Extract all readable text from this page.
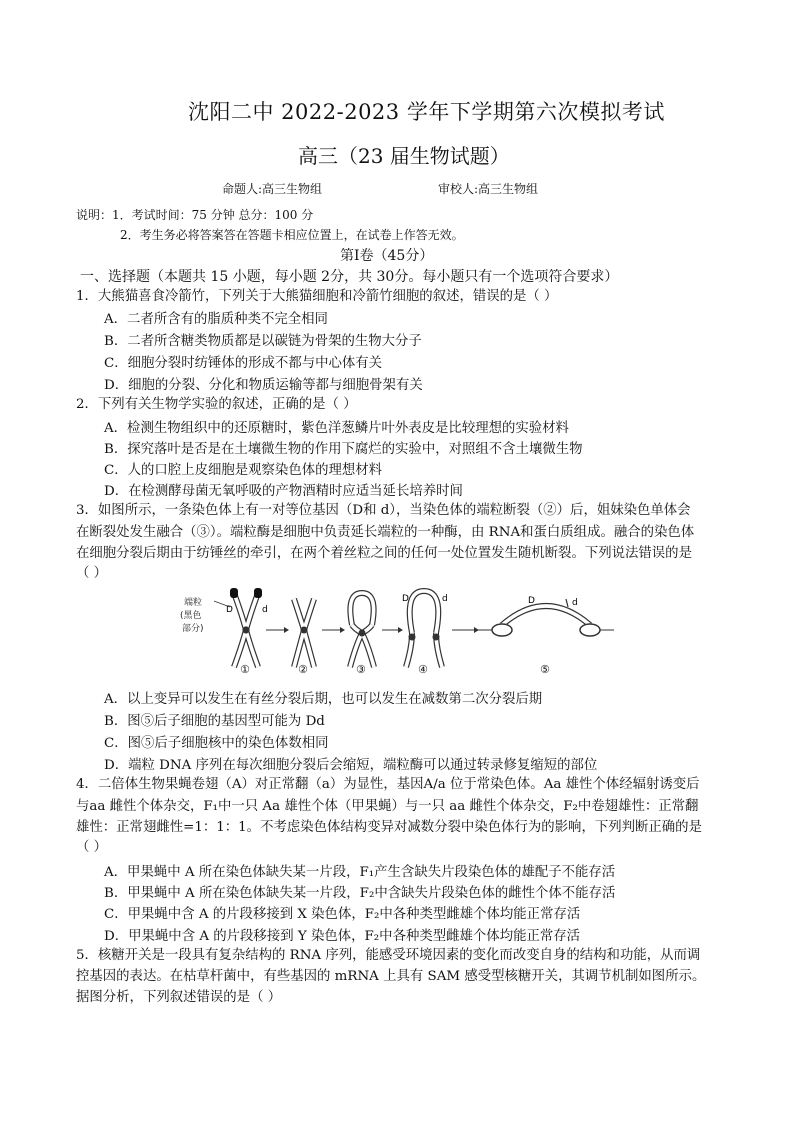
沈阳二中 2022-2023 学年下学期第六次模拟考试
高三（23 届生物试题）
命题人:高三生物组	审校人:高三生物组
说明：1．考试时间：75 分钟 总分：100 分
2．考生务必将答案答在答题卡相应位置上，在试卷上作答无效。
第Ⅰ卷（45分）
一、选择题（本题共 15 小题，每小题 2分，共 30分。每小题只有一个选项符合要求）
1．大熊猫喜食冷箭竹，下列关于大熊猫细胞和冷箭竹细胞的叙述，错误的是（ ）
A．二者所含有的脂质种类不完全相同
B．二者所含糖类物质都是以碳链为骨架的生物大分子
C．细胞分裂时纺锤体的形成不都与中心体有关
D．细胞的分裂、分化和物质运输等都与细胞骨架有关
2．下列有关生物学实验的叙述，正确的是（ ）
A．检测生物组织中的还原糖时，紫色洋葱鳞片叶外表皮是比较理想的实验材料
B．探究落叶是否是在土壤微生物的作用下腐烂的实验中，对照组不含土壤微生物
C．人的口腔上皮细胞是观察染色体的理想材料
D．在检测酵母菌无氧呼吸的产物酒精时应适当延长培养时间
3．如图所示，一条染色体上有一对等位基因（D和 d），当染色体的端粒断裂（②）后，姐妹染色单体会
在断裂处发生融合（③）。端粒酶是细胞中负责延长端粒的一种酶，由 RNA和蛋白质组成。融合的染色体
在细胞分裂后期由于纺锤丝的牵引，在两个着丝粒之间的任何一处位置发生随机断裂。下列说法错误的是
（ ）
端粒
(黑色
部分)
D	d
D	d	D	d
①	②	③	④	⑤
A．以上变异可以发生在有丝分裂后期，也可以发生在减数第二次分裂后期
B．图⑤后子细胞的基因型可能为 Dd
C．图⑤后子细胞核中的染色体数相同
D．端粒 DNA 序列在每次细胞分裂后会缩短，端粒酶可以通过转录修复缩短的部位
4．二倍体生物果蝇卷翅（A）对正常翻（a）为显性，基因A/a 位于常染色体。Aa 雄性个体经辐射诱变后
与aa 雌性个体杂交，F₁中一只 Aa 雄性个体（甲果蝇）与一只 aa 雌性个体杂交，F₂中卷翅雄性：正常翻
雄性：正常翅雌性=1：1：1。不考虑染色体结构变异对减数分裂中染色体行为的影响，下列判断正确的是
（ ）
A．甲果蝇中 A 所在染色体缺失某一片段，F₁产生含缺失片段染色体的雄配子不能存活
B．甲果蝇中 A 所在染色体缺失某一片段，F₂中含缺失片段染色体的雌性个体不能存活
C．甲果蝇中含 A 的片段移接到 X 染色体，F₂中各种类型雌雄个体均能正常存活
D．甲果蝇中含 A 的片段移接到 Y 染色体，F₂中各种类型雌雄个体均能正常存活
5．核糖开关是一段具有复杂结构的 RNA 序列，能感受环境因素的变化而改变自身的结构和功能，从而调
控基因的表达。在枯草杆菌中，有些基因的 mRNA 上具有 SAM 感受型核糖开关，其调节机制如图所示。
据图分析，下列叙述错误的是（ ）
